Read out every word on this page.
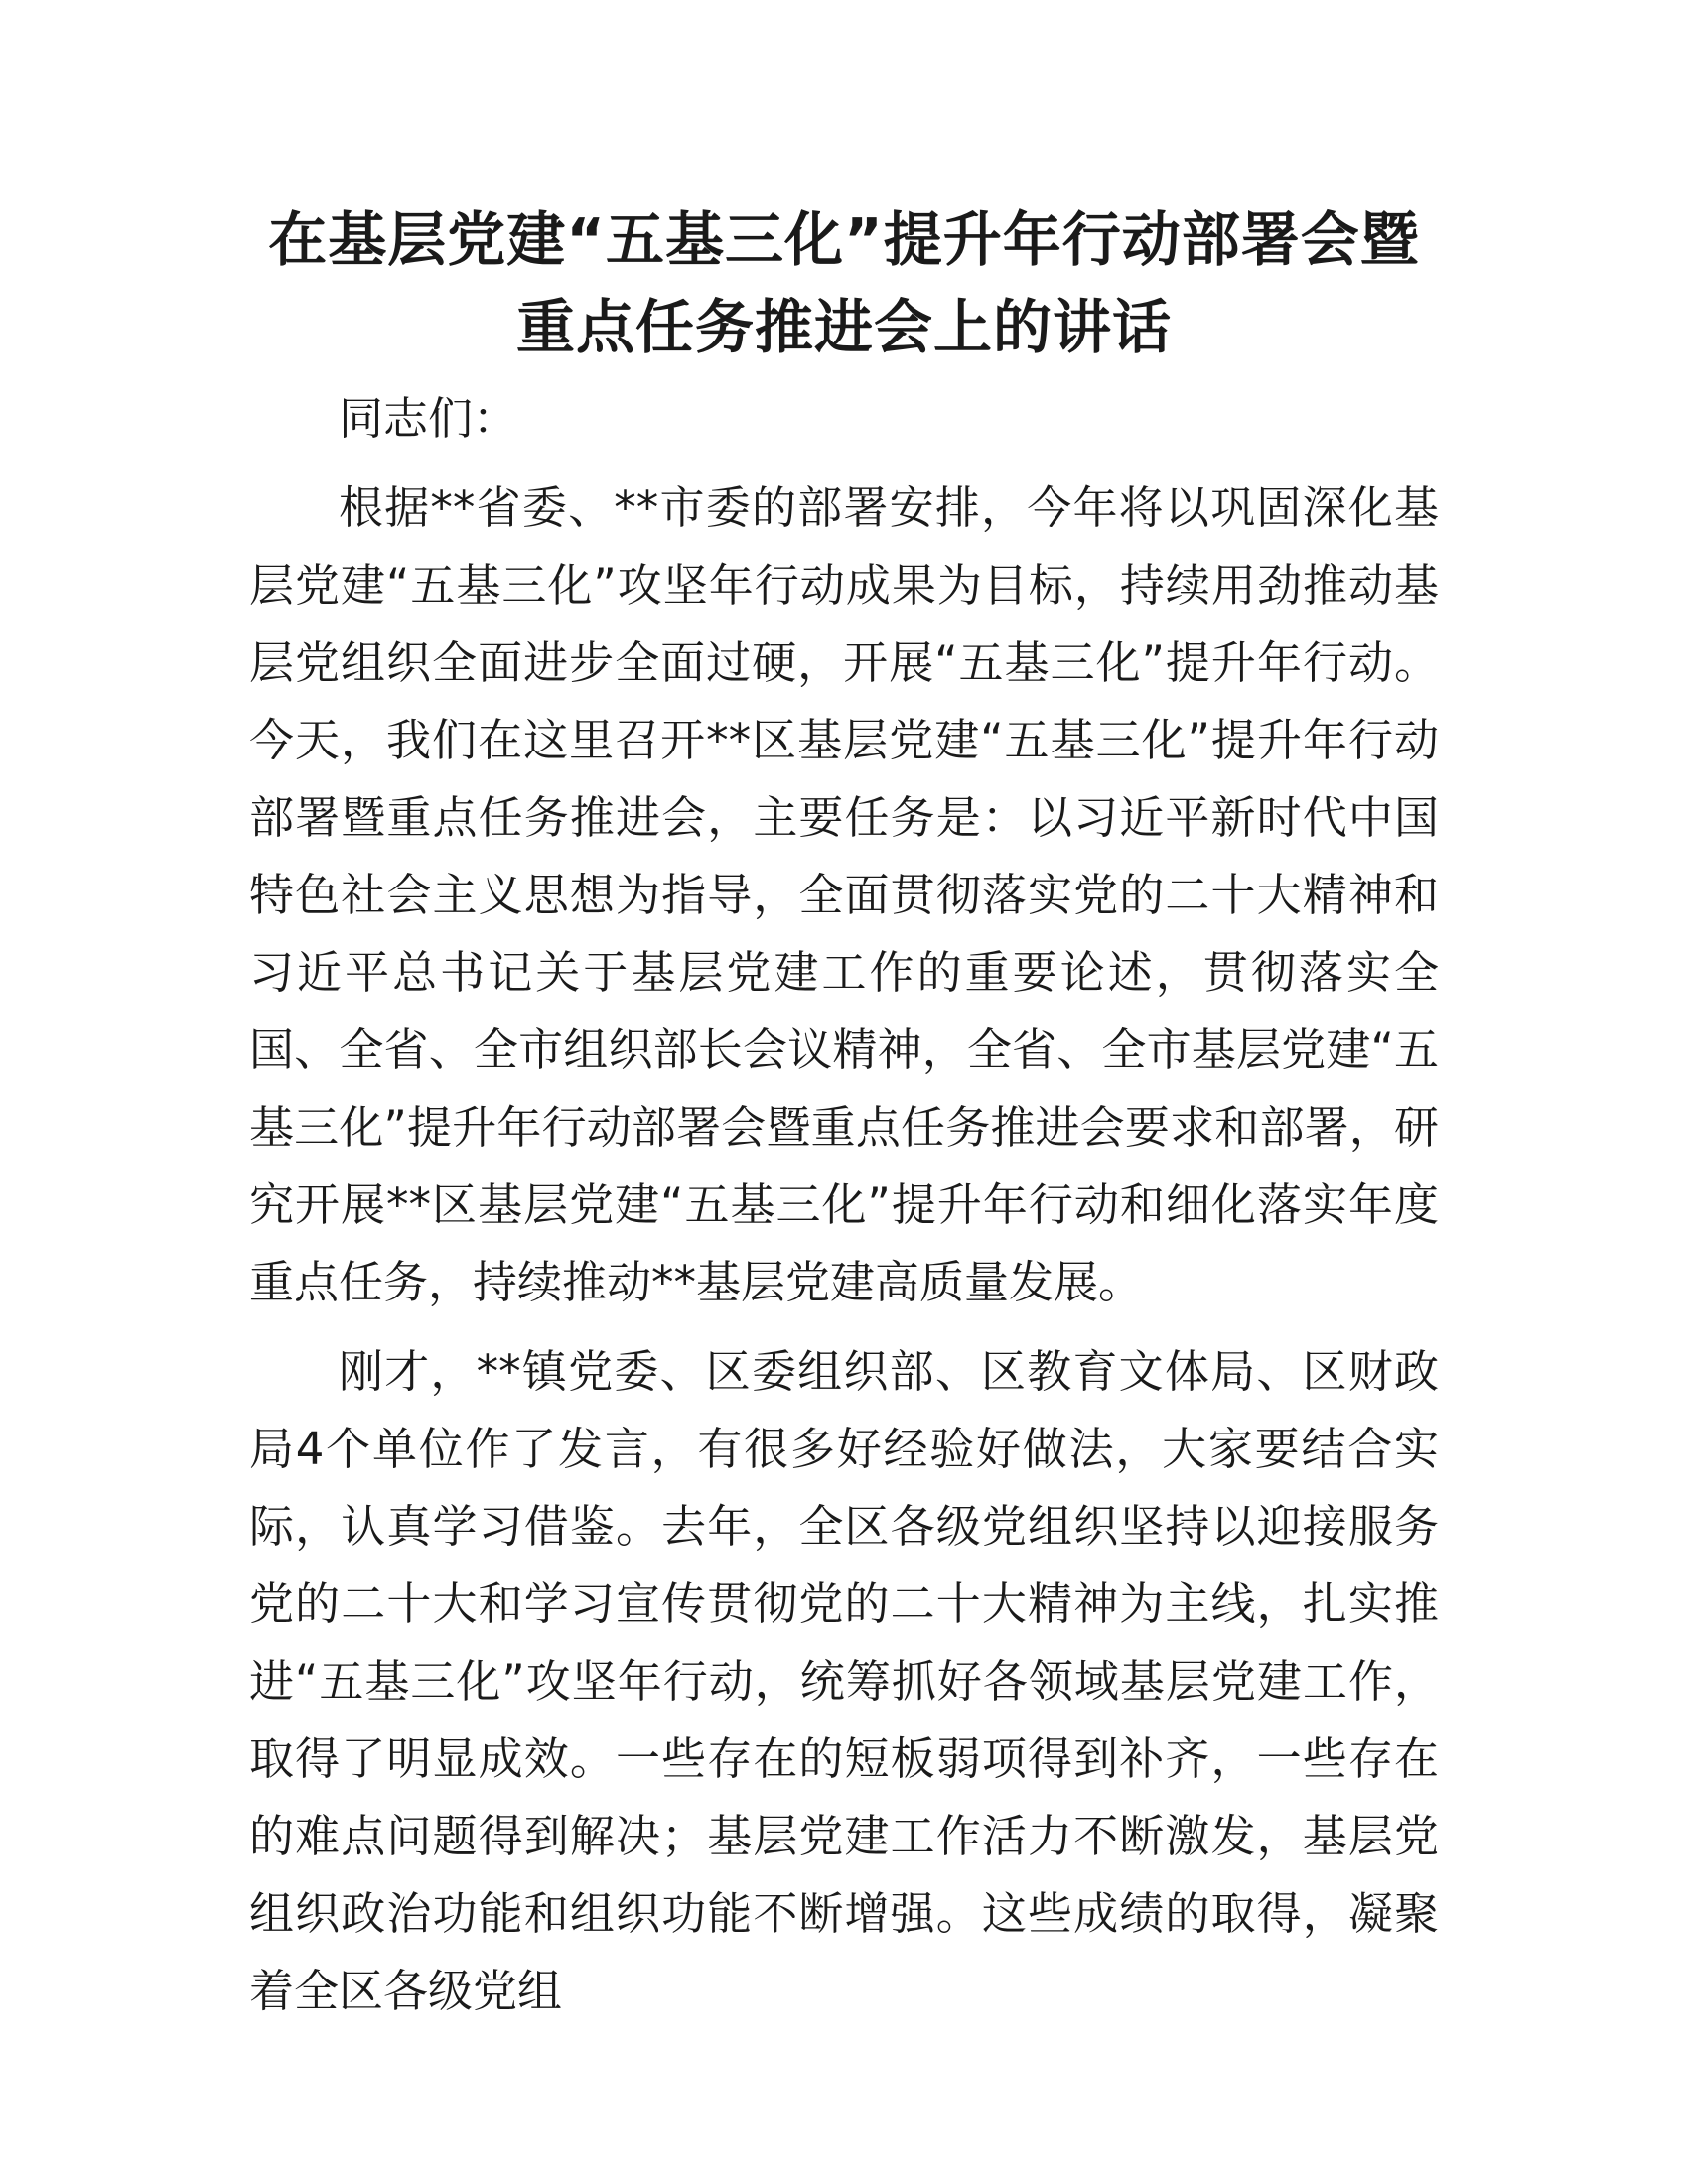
在基层党建“五基三化”提升年行动部署会暨
重点任务推进会上的讲话

同志们：

根据**省委、**市委的部署安排，今年将以巩固深化基层党建“五基三化”攻坚年行动成果为目标，持续用劲推动基层党组织全面进步全面过硬，开展“五基三化”提升年行动。今天，我们在这里召开**区基层党建“五基三化”提升年行动部署暨重点任务推进会，主要任务是：以习近平新时代中国特色社会主义思想为指导，全面贯彻落实党的二十大精神和习近平总书记关于基层党建工作的重要论述，贯彻落实全国、全省、全市组织部长会议精神，全省、全市基层党建“五基三化”提升年行动部署会暨重点任务推进会要求和部署，研究开展**区基层党建“五基三化”提升年行动和细化落实年度重点任务，持续推动**基层党建高质量发展。

刚才，**镇党委、区委组织部、区教育文体局、区财政局4个单位作了发言，有很多好经验好做法，大家要结合实际，认真学习借鉴。去年，全区各级党组织坚持以迎接服务党的二十大和学习宣传贯彻党的二十大精神为主线，扎实推进“五基三化”攻坚年行动，统筹抓好各领域基层党建工作，取得了明显成效。一些存在的短板弱项得到补齐，一些存在的难点问题得到解决；基层党建工作活力不断激发，基层党组织政治功能和组织功能不断增强。这些成绩的取得，凝聚着全区各级党组
